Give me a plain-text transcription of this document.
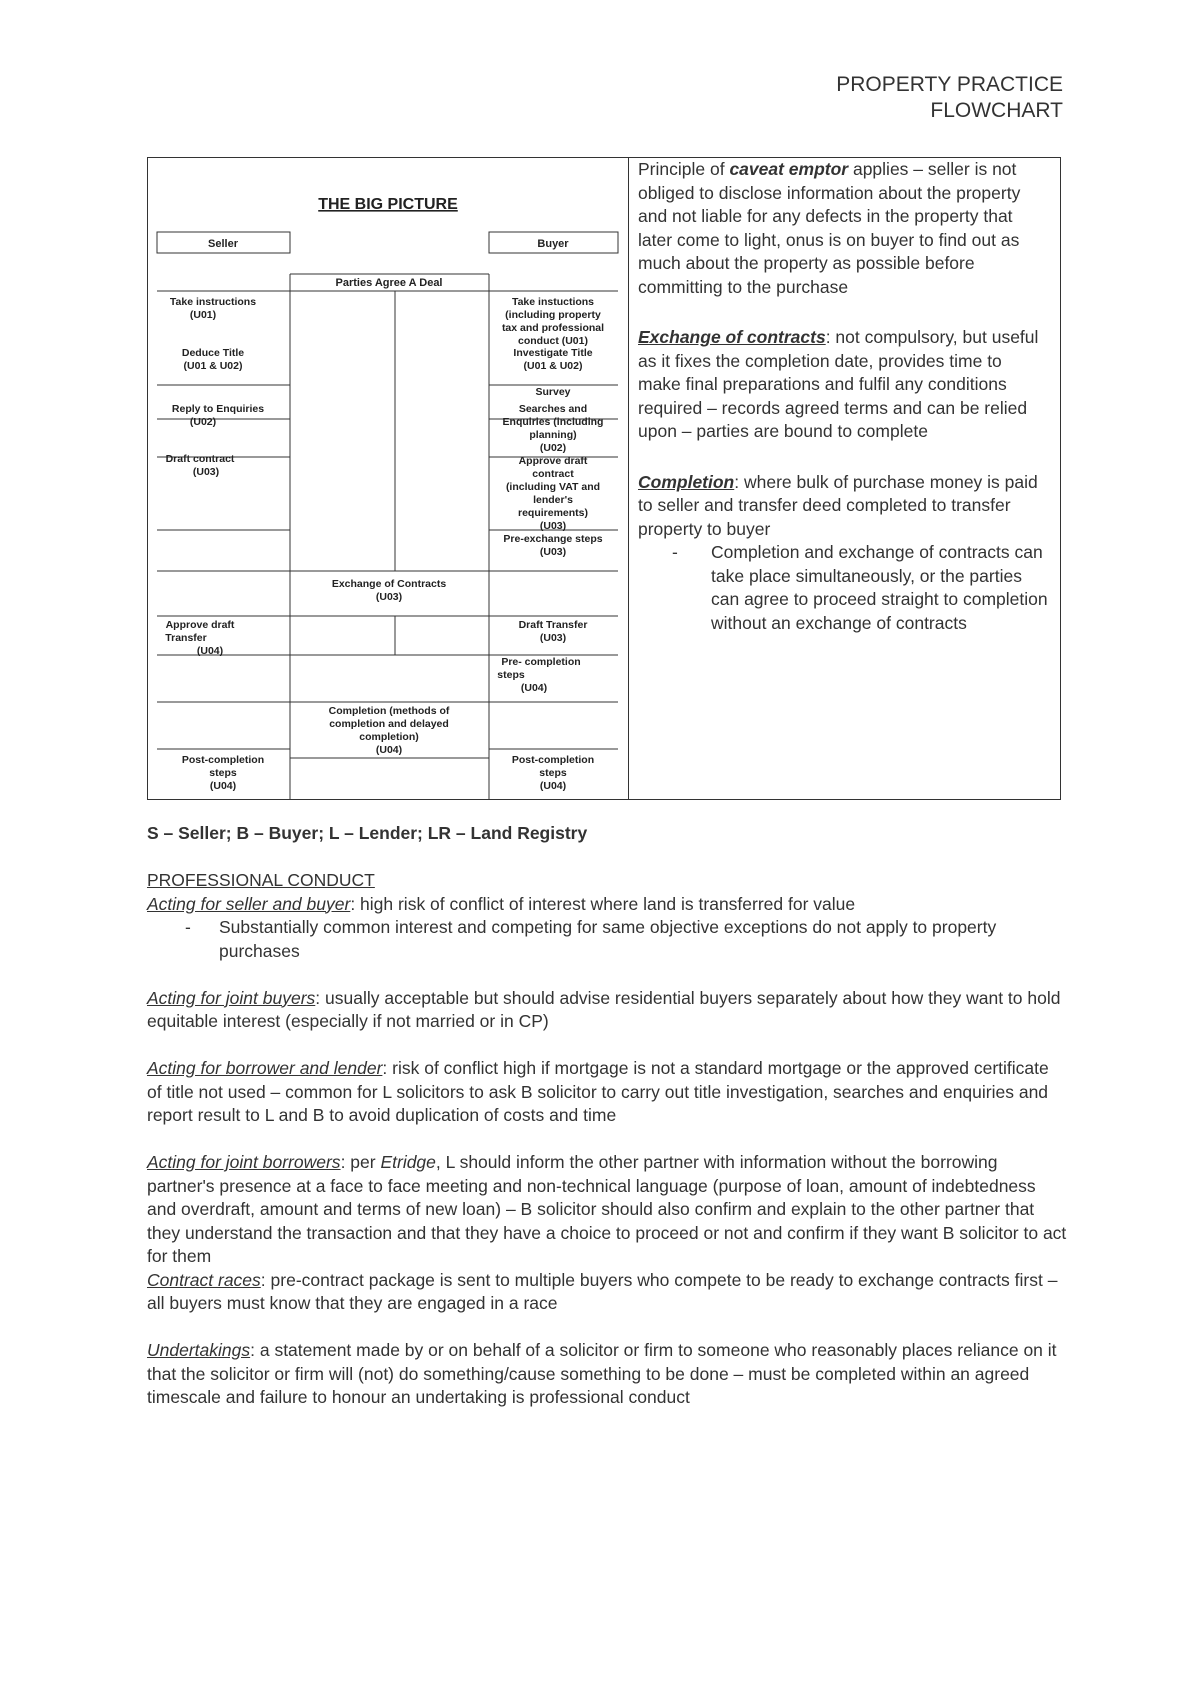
PROPERTY PRACTICE
FLOWCHART
THE BIG PICTURE
Seller	Buyer
Parties Agree A Deal
Take instructions
(U01)
Deduce Title
(U01 & U02)
Reply to Enquiries
(U02)
Draft contract
(U03)
Take instuctions
(including property
tax and professional
conduct (U01)
Investigate Title
(U01 & U02)
Survey
Searches and
Enquiries (including
planning)
(U02)
Approve draft
contract
(including VAT and
lender's
requirements)
(U03)
Pre-exchange steps
(U03)
Exchange of Contracts
(U03)
Approve draft
Transfer
(U04)
Draft Transfer
(U03)
Pre- completion
steps
(U04)
Completion (methods of
completion and delayed
completion)
(U04)
Post-completion
steps
(U04)
Post-completion
steps
(U04)

Principle of caveat emptor applies – seller is not obliged to disclose information about the property and not liable for any defects in the property that later come to light, onus is on buyer to find out as much about the property as possible before committing to the purchase

Exchange of contracts: not compulsory, but useful as it fixes the completion date, provides time to make final preparations and fulfil any conditions required – records agreed terms and can be relied upon – parties are bound to complete

Completion: where bulk of purchase money is paid to seller and transfer deed completed to transfer property to buyer

-	Completion and exchange of contracts can take place simultaneously, or the parties can agree to proceed straight to completion without an exchange of contracts

S – Seller; B – Buyer; L – Lender; LR – Land Registry

PROFESSIONAL CONDUCT
Acting for seller and buyer: high risk of conflict of interest where land is transferred for value
-	Substantially common interest and competing for same objective exceptions do not apply to property purchases

Acting for joint buyers: usually acceptable but should advise residential buyers separately about how they want to hold equitable interest (especially if not married or in CP)

Acting for borrower and lender: risk of conflict high if mortgage is not a standard mortgage or the approved certificate of title not used – common for L solicitors to ask B solicitor to carry out title investigation, searches and enquiries and report result to L and B to avoid duplication of costs and time

Acting for joint borrowers: per Etridge, L should inform the other partner with information without the borrowing partner's presence at a face to face meeting and non-technical language (purpose of loan, amount of indebtedness and overdraft, amount and terms of new loan) – B solicitor should also confirm and explain to the other partner that they understand the transaction and that they have a choice to proceed or not and confirm if they want B solicitor to act for them

Contract races: pre-contract package is sent to multiple buyers who compete to be ready to exchange contracts first – all buyers must know that they are engaged in a race

Undertakings: a statement made by or on behalf of a solicitor or firm to someone who reasonably places reliance on it that the solicitor or firm will (not) do something/cause something to be done – must be completed within an agreed timescale and failure to honour an undertaking is professional conduct
